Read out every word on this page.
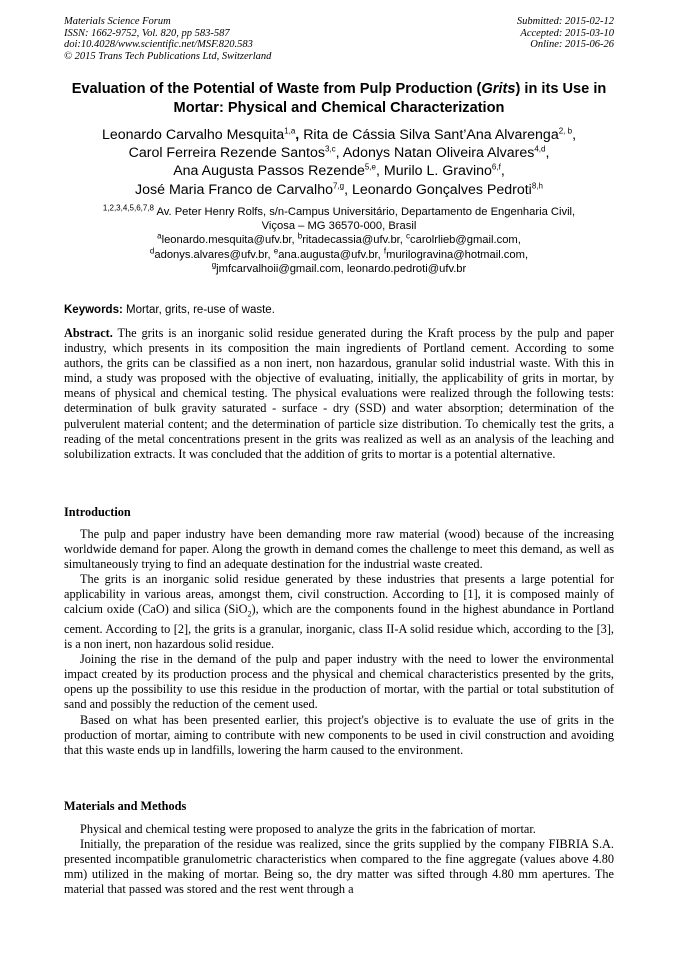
Materials Science Forum
ISSN: 1662-9752, Vol. 820, pp 583-587
doi:10.4028/www.scientific.net/MSF.820.583
© 2015 Trans Tech Publications Ltd, Switzerland
Submitted: 2015-02-12
Accepted: 2015-03-10
Online: 2015-06-26
Evaluation of the Potential of Waste from Pulp Production (Grits) in its Use in Mortar: Physical and Chemical Characterization
Leonardo Carvalho Mesquita$^{1,a}$, Rita de Cássia Silva Sant’Ana Alvarenga$^{2, b}$,
Carol Ferreira Rezende Santos$^{3,c}$, Adonys Natan Oliveira Alvares$^{4,d}$,
Ana Augusta Passos Rezende$^{5,e}$, Murilo L. Gravino$^{6,f}$,
José Maria Franco de Carvalho$^{7,g}$, Leonardo Gonçalves Pedroti$^{8,h}$
$^{1,2,3,4,5,6,7,8}$ Av. Peter Henry Rolfs, s/n-Campus Universitário, Departamento de Engenharia Civil,
Viçosa – MG 36570-000, Brasil
$^a$leonardo.mesquita@ufv.br, $^b$ritadecassia@ufv.br, $^c$carolrlieb@gmail.com,
$^d$adonys.alvares@ufv.br, $^e$ana.augusta@ufv.br, $^f$murilogravina@hotmail.com,
$^g$jmfcarvalhoii@gmail.com, leonardo.pedroti@ufv.br
Keywords: Mortar, grits, re-use of waste.

Abstract. The grits is an inorganic solid residue generated during the Kraft process by the pulp and paper industry, which presents in its composition the main ingredients of Portland cement. According to some authors, the grits can be classified as a non inert, non hazardous, granular solid industrial waste. With this in mind, a study was proposed with the objective of evaluating, initially, the applicability of grits in mortar, by means of physical and chemical testing. The physical evaluations were realized through the following tests: determination of bulk gravity saturated - surface - dry (SSD) and water absorption; determination of the pulverulent material content; and the determination of particle size distribution. To chemically test the grits, a reading of the metal concentrations present in the grits was realized as well as an analysis of the leaching and solubilization extracts. It was concluded that the addition of grits to mortar is a potential alternative.

Introduction

The pulp and paper industry have been demanding more raw material (wood) because of the increasing worldwide demand for paper. Along the growth in demand comes the challenge to meet this demand, as well as simultaneously trying to find an adequate destination for the industrial waste created.

The grits is an inorganic solid residue generated by these industries that presents a large potential for applicability in various areas, amongst them, civil construction. According to [1], it is composed mainly of calcium oxide (CaO) and silica (SiO$_2$), which are the components found in the highest abundance in Portland cement. According to [2], the grits is a granular, inorganic, class II-A solid residue which, according to the [3], is a non inert, non hazardous solid residue.

Joining the rise in the demand of the pulp and paper industry with the need to lower the environmental impact created by its production process and the physical and chemical characteristics presented by the grits, opens up the possibility to use this residue in the production of mortar, with the partial or total substitution of sand and possibly the reduction of the cement used.

Based on what has been presented earlier, this project's objective is to evaluate the use of grits in the production of mortar, aiming to contribute with new components to be used in civil construction and avoiding that this waste ends up in landfills, lowering the harm caused to the environment.

Materials and Methods

Physical and chemical testing were proposed to analyze the grits in the fabrication of mortar.

Initially, the preparation of the residue was realized, since the grits supplied by the company FIBRIA S.A. presented incompatible granulometric characteristics when compared to the fine aggregate (values above 4.80 mm) utilized in the making of mortar. Being so, the dry matter was sifted through 4.80 mm apertures. The material that passed was stored and the rest went through a
